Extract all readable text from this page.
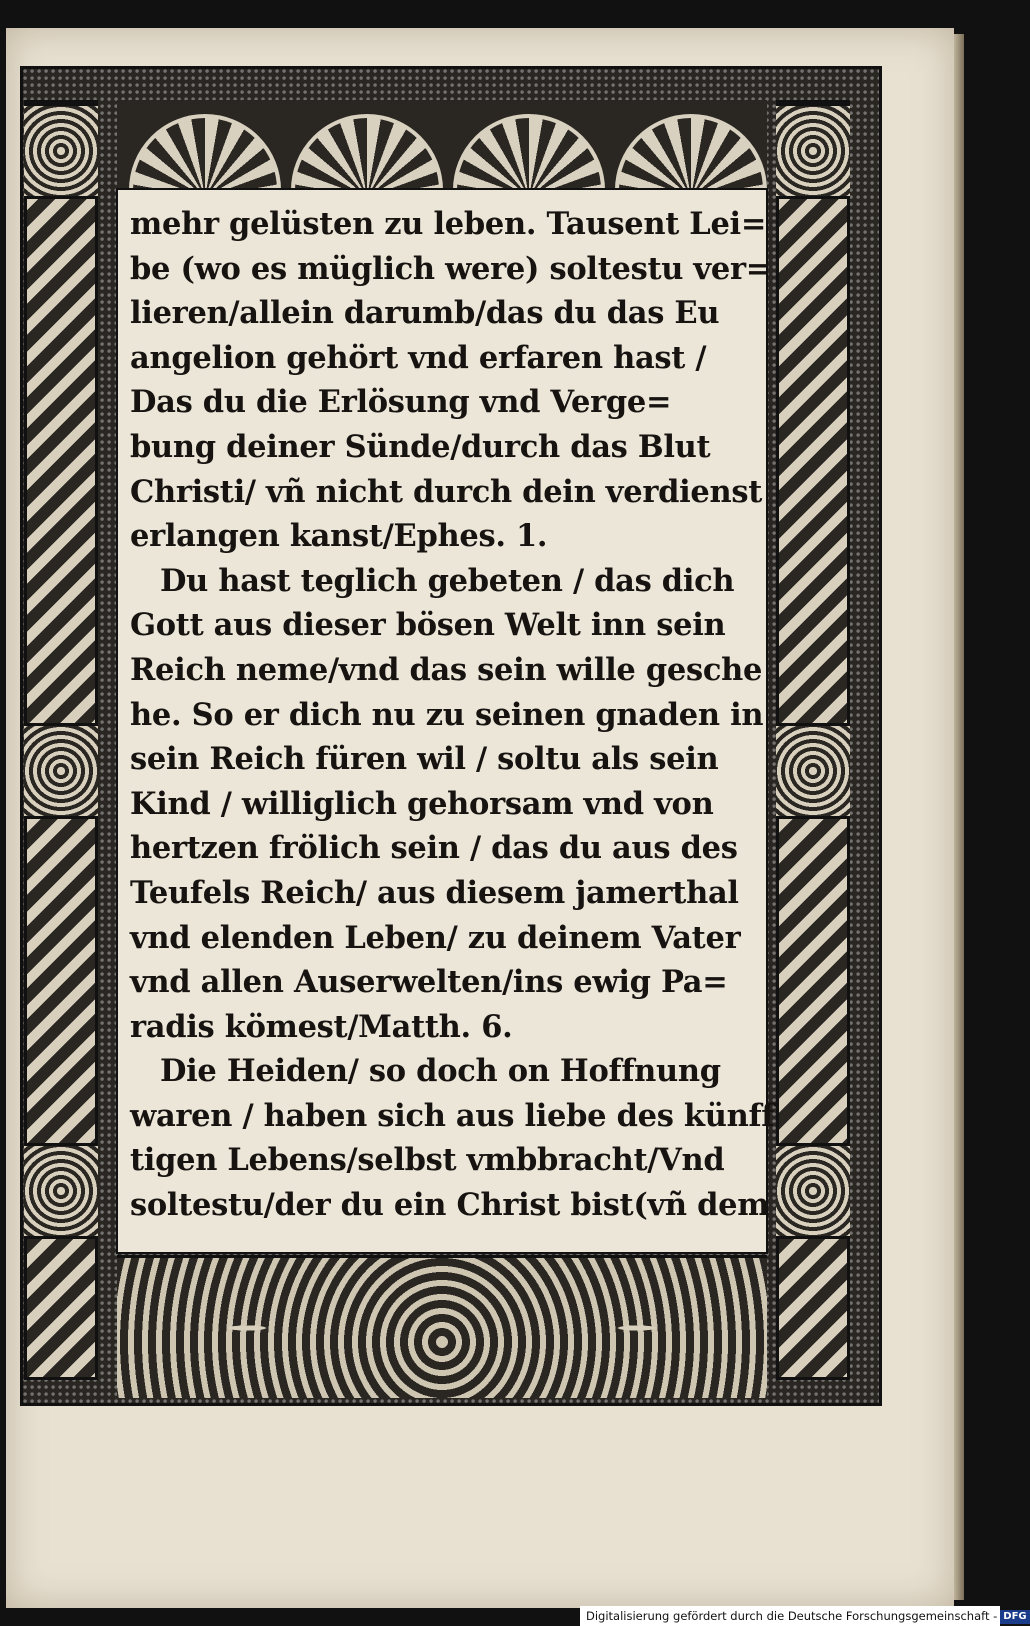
mehr gelüsten zu leben. Tausent Lei=
be (wo es müglich were) soltestu ver=
lieren/allein darumb/das du das Eu
angelion gehört vnd erfaren hast /
Das du die Erlösung vnd Verge=
bung deiner Sünde/durch das Blut
Christi/ vñ nicht durch dein verdienst
erlangen kanst/Ephes. 1.
Du hast teglich gebeten / das dich
Gott aus dieser bösen Welt inn sein
Reich neme/vnd das sein wille gesche
he. So er dich nu zu seinen gnaden in
sein Reich füren wil / soltu als sein
Kind / williglich gehorsam vnd von
hertzen frölich sein / das du aus des
Teufels Reich/ aus diesem jamerthal
vnd elenden Leben/ zu deinem Vater
vnd allen Auserwelten/ins ewig Pa=
radis kömest/Matth. 6.
Die Heiden/ so doch on Hoffnung
waren / haben sich aus liebe des künff
tigen Lebens/selbst vmbbracht/Vnd
soltestu/der du ein Christ bist(vñ dem
Digitalisierung gefördert durch die Deutsche Forschungsgemeinschaft - DFG
